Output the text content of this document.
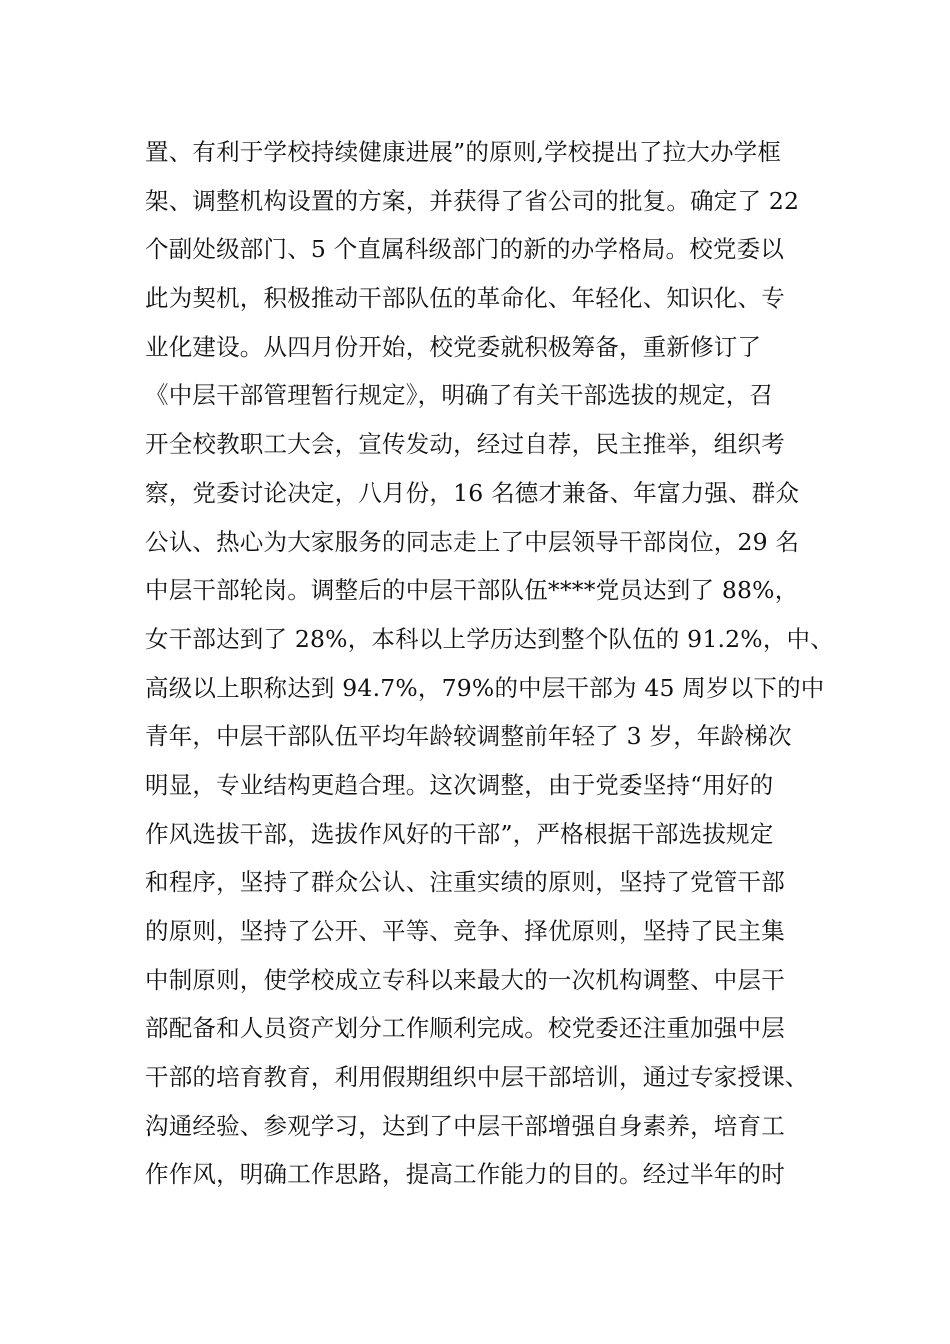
置、有利于学校持续健康进展”的原则,学校提出了拉大办学框
架、调整机构设置的方案，并获得了省公司的批复。确定了 22
个副处级部门、5 个直属科级部门的新的办学格局。校党委以
此为契机，积极推动干部队伍的革命化、年轻化、知识化、专
业化建设。从四月份开始，校党委就积极筹备，重新修订了
《中层干部管理暂行规定》，明确了有关干部选拔的规定，召
开全校教职工大会，宣传发动，经过自荐，民主推举，组织考
察，党委讨论决定，八月份，16 名德才兼备、年富力强、群众
公认、热心为大家服务的同志走上了中层领导干部岗位，29 名
中层干部轮岗。调整后的中层干部队伍****党员达到了 88%，
女干部达到了 28%，本科以上学历达到整个队伍的 91.2%，中、
高级以上职称达到 94.7%，79%的中层干部为 45 周岁以下的中
青年，中层干部队伍平均年龄较调整前年轻了 3 岁，年龄梯次
明显，专业结构更趋合理。这次调整，由于党委坚持“用好的
作风选拔干部，选拔作风好的干部”，严格根据干部选拔规定
和程序，坚持了群众公认、注重实绩的原则，坚持了党管干部
的原则，坚持了公开、平等、竞争、择优原则，坚持了民主集
中制原则，使学校成立专科以来最大的一次机构调整、中层干
部配备和人员资产划分工作顺利完成。校党委还注重加强中层
干部的培育教育，利用假期组织中层干部培训，通过专家授课、
沟通经验、参观学习，达到了中层干部增强自身素养，培育工
作作风，明确工作思路，提高工作能力的目的。经过半年的时
